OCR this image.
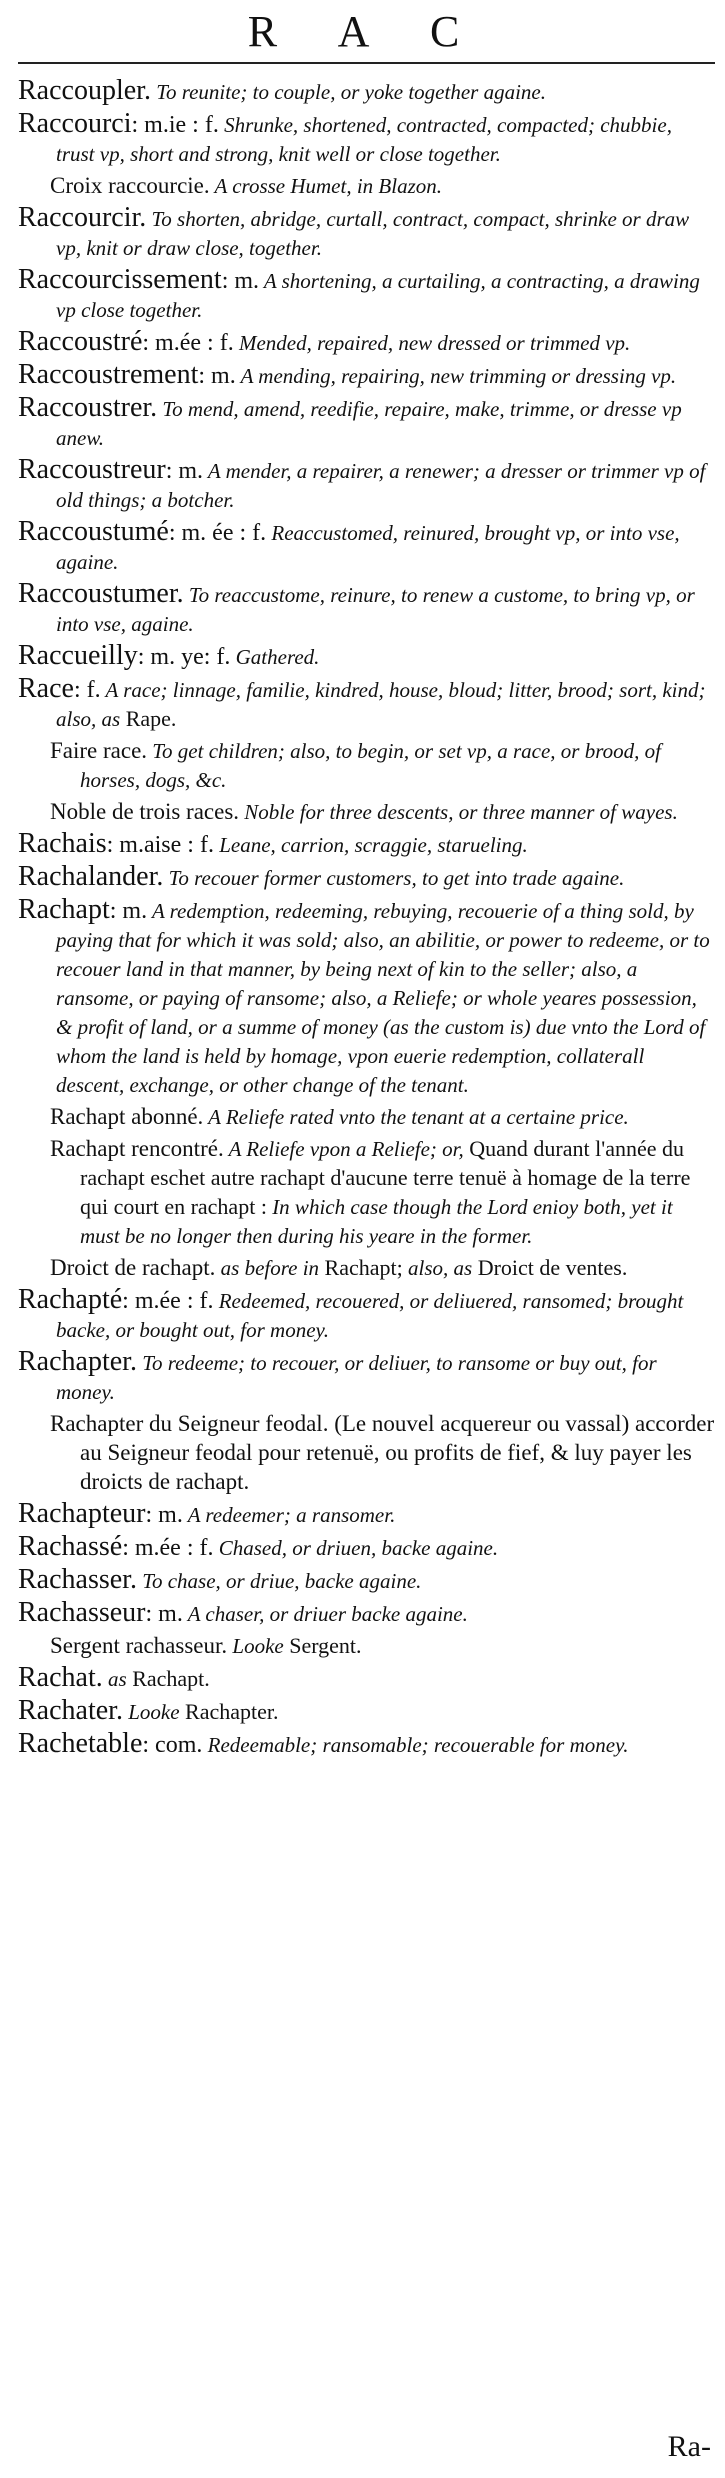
R A C

Raccoupler. To reunite; to couple, or yoke together againe.

Raccourci: m.ie : f. Shrunke, shortened, contracted, compacted; chubbie, trust vp, short and strong, knit well or close together.

Croix raccourcie. A crosse Humet, in Blazon.

Raccourcir. To shorten, abridge, curtall, contract, compact, shrinke or draw vp, knit or draw close, together.

Raccourcissement: m. A shortening, a curtailing, a contracting, a drawing vp close together.

Raccoustré: m.ée : f. Mended, repaired, new dressed or trimmed vp.

Raccoustrement: m. A mending, repairing, new trimming or dressing vp.

Raccoustrer. To mend, amend, reedifie, repaire, make, trimme, or dresse vp anew.

Raccoustreur: m. A mender, a repairer, a renewer; a dresser or trimmer vp of old things; a botcher.

Raccoustumé: m. ée : f. Reaccustomed, reinured, brought vp, or into vse, againe.

Raccoustumer. To reaccustome, reinure, to renew a custome, to bring vp, or into vse, againe.

Raccueilly: m. ye: f. Gathered.

Race: f. A race; linnage, familie, kindred, house, bloud; litter, brood; sort, kind; also, as Rape.

Faire race. To get children; also, to begin, or set vp, a race, or brood, of horses, dogs, &c.

Noble de trois races. Noble for three descents, or three manner of wayes.

Rachais: m.aise : f. Leane, carrion, scraggie, starueling.

Rachalander. To recouer former customers, to get into trade againe.

Rachapt: m. A redemption, redeeming, rebuying, recouerie of a thing sold, by paying that for which it was sold; also, an abilitie, or power to redeeme, or to recouer land in that manner, by being next of kin to the seller; also, a ransome, or paying of ransome; also, a Reliefe; or whole yeares possession, & profit of land, or a summe of money (as the custom is) due vnto the Lord of whom the land is held by homage, vpon euerie redemption, collaterall descent, exchange, or other change of the tenant.

Rachapt abonné. A Reliefe rated vnto the tenant at a certaine price.

Rachapt rencontré. A Reliefe vpon a Reliefe; or, Quand durant l'année du rachapt eschet autre rachapt d'aucune terre tenuë à homage de la terre qui court en rachapt : In which case though the Lord enioy both, yet it must be no longer then during his yeare in the former.

Droict de rachapt. as before in Rachapt; also, as Droict de ventes.

Rachapté: m.ée : f. Redeemed, recouered, or deliuered, ransomed; brought backe, or bought out, for money.

Rachapter. To redeeme; to recouer, or deliuer, to ransome or buy out, for money.

Rachapter du Seigneur feodal. (Le nouvel acquereur ou vassal) accorder au Seigneur feodal pour retenuë, ou profits de fief, & luy payer les droicts de rachapt.

Rachapteur: m. A redeemer; a ransomer.

Rachassé: m.ée : f. Chased, or driuen, backe againe.

Rachasser. To chase, or driue, backe againe.

Rachasseur: m. A chaser, or driuer backe againe.

Sergent rachasseur. Looke Sergent.

Rachat. as Rachapt.

Rachater. Looke Rachapter.

Rachetable: com. Redeemable; ransomable; recouerable for money.

Ra-
